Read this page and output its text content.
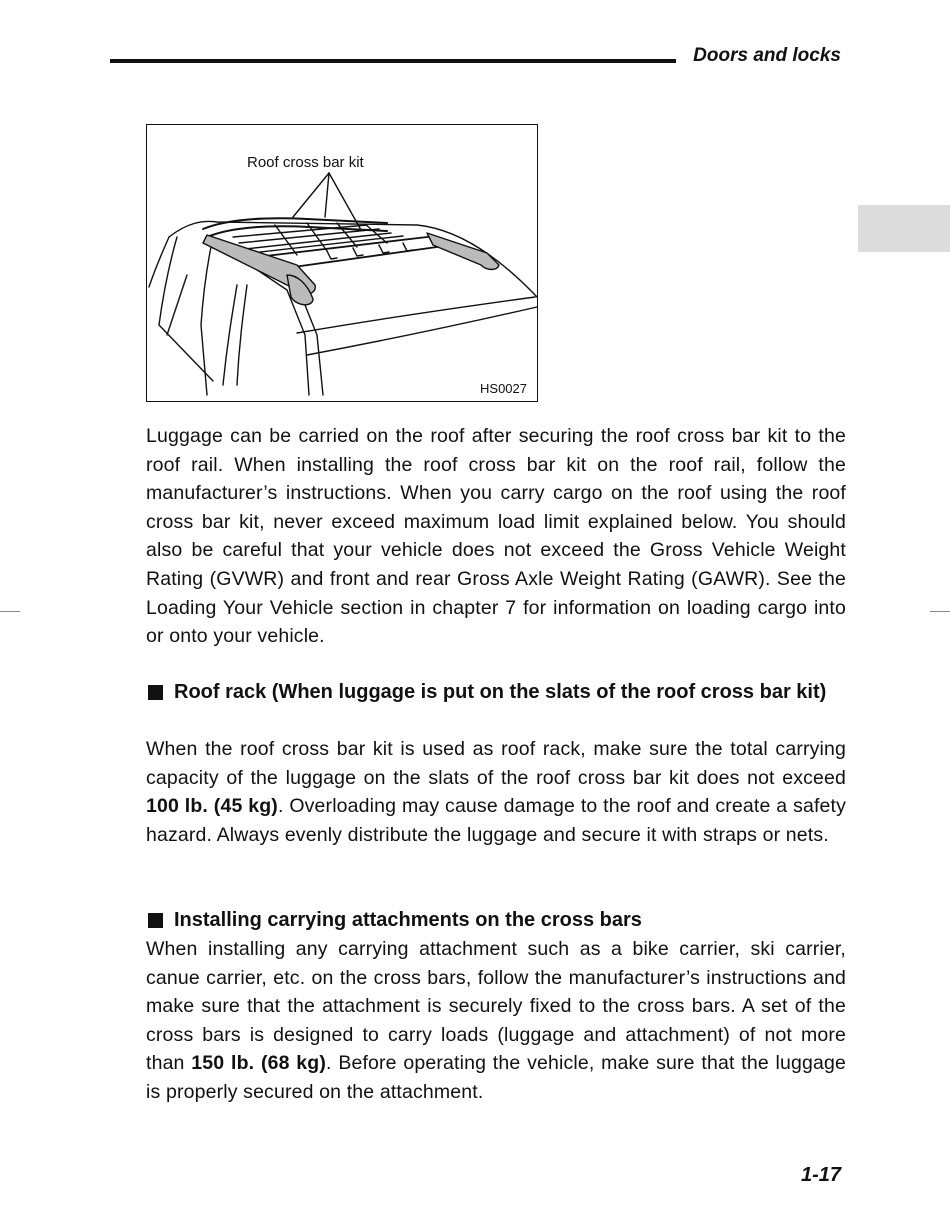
Doors and locks
Roof cross bar kit
HS0027
Luggage can be carried on the roof after securing the roof cross bar kit to the roof rail. When installing the roof cross bar kit on the roof rail, follow the manufacturer’s instructions. When you carry cargo on the roof using the roof cross bar kit, never exceed maximum load limit explained below. You should also be careful that your vehicle does not exceed the Gross Vehicle Weight Rating (GVWR) and front and rear Gross Axle Weight Rating (GAWR). See the Loading Your Vehicle section in chapter 7 for information on loading cargo into or onto your vehicle.
Roof rack (When luggage is put on the slats of the roof cross bar kit)
When the roof cross bar kit is used as roof rack, make sure the total carrying capacity of the luggage on the slats of the roof cross bar kit does not exceed 100 lb. (45 kg). Overloading may cause damage to the roof and create a safety hazard. Always evenly distribute the luggage and secure it with straps or nets.
Installing carrying attachments on the cross bars
When installing any carrying attachment such as a bike carrier, ski carrier, canue carrier, etc. on the cross bars, follow the manufacturer’s instructions and make sure that the attachment is securely fixed to the cross bars. A set of the cross bars is designed to carry loads (luggage and attachment) of not more than 150 lb. (68 kg). Before operating the vehicle, make sure that the luggage is properly secured on the attachment.
1-17
